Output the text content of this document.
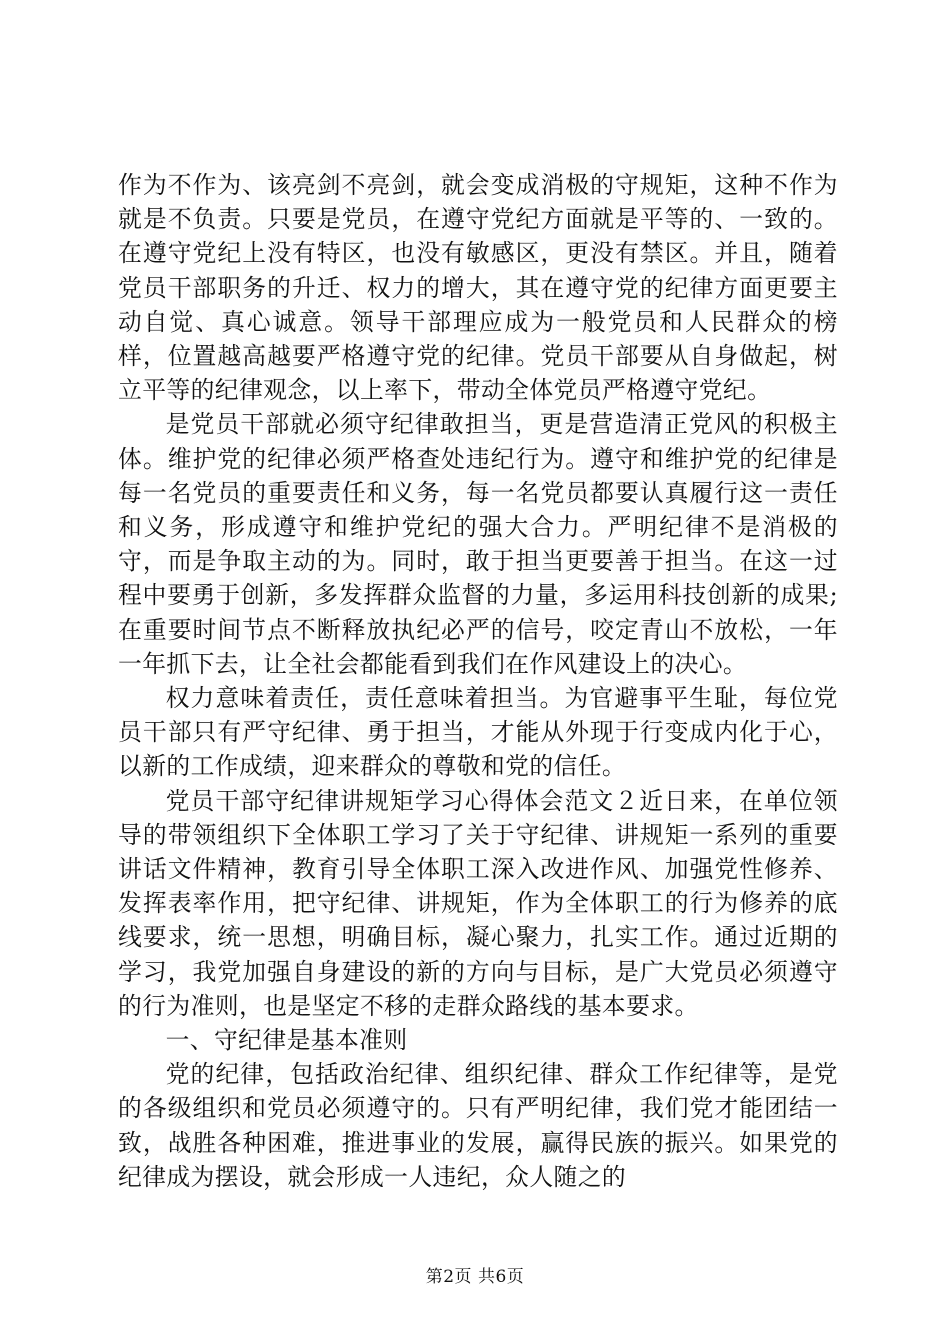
作为不作为、该亮剑不亮剑，就会变成消极的守规矩，这种不作为就是不负责。只要是党员，在遵守党纪方面就是平等的、一致的。在遵守党纪上没有特区，也没有敏感区，更没有禁区。并且，随着党员干部职务的升迁、权力的增大，其在遵守党的纪律方面更要主动自觉、真心诚意。领导干部理应成为一般党员和人民群众的榜样，位置越高越要严格遵守党的纪律。党员干部要从自身做起，树立平等的纪律观念，以上率下，带动全体党员严格遵守党纪。

是党员干部就必须守纪律敢担当，更是营造清正党风的积极主体。维护党的纪律必须严格查处违纪行为。遵守和维护党的纪律是每一名党员的重要责任和义务，每一名党员都要认真履行这一责任和义务，形成遵守和维护党纪的强大合力。严明纪律不是消极的守，而是争取主动的为。同时，敢于担当更要善于担当。在这一过程中要勇于创新，多发挥群众监督的力量，多运用科技创新的成果;在重要时间节点不断释放执纪必严的信号，咬定青山不放松，一年一年抓下去，让全社会都能看到我们在作风建设上的决心。

权力意味着责任，责任意味着担当。为官避事平生耻，每位党员干部只有严守纪律、勇于担当，才能从外现于行变成内化于心，以新的工作成绩，迎来群众的尊敬和党的信任。

党员干部守纪律讲规矩学习心得体会范文２近日来，在单位领导的带领组织下全体职工学习了关于守纪律、讲规矩一系列的重要讲话文件精神，教育引导全体职工深入改进作风、加强党性修养、发挥表率作用，把守纪律、讲规矩，作为全体职工的行为修养的底线要求，统一思想，明确目标，凝心聚力，扎实工作。通过近期的学习，我党加强自身建设的新的方向与目标，是广大党员必须遵守的行为准则，也是坚定不移的走群众路线的基本要求。

一、守纪律是基本准则

党的纪律，包括政治纪律、组织纪律、群众工作纪律等，是党的各级组织和党员必须遵守的。只有严明纪律，我们党才能团结一致，战胜各种困难，推进事业的发展，赢得民族的振兴。如果党的纪律成为摆设，就会形成一人违纪，众人随之的

第2页 共6页
